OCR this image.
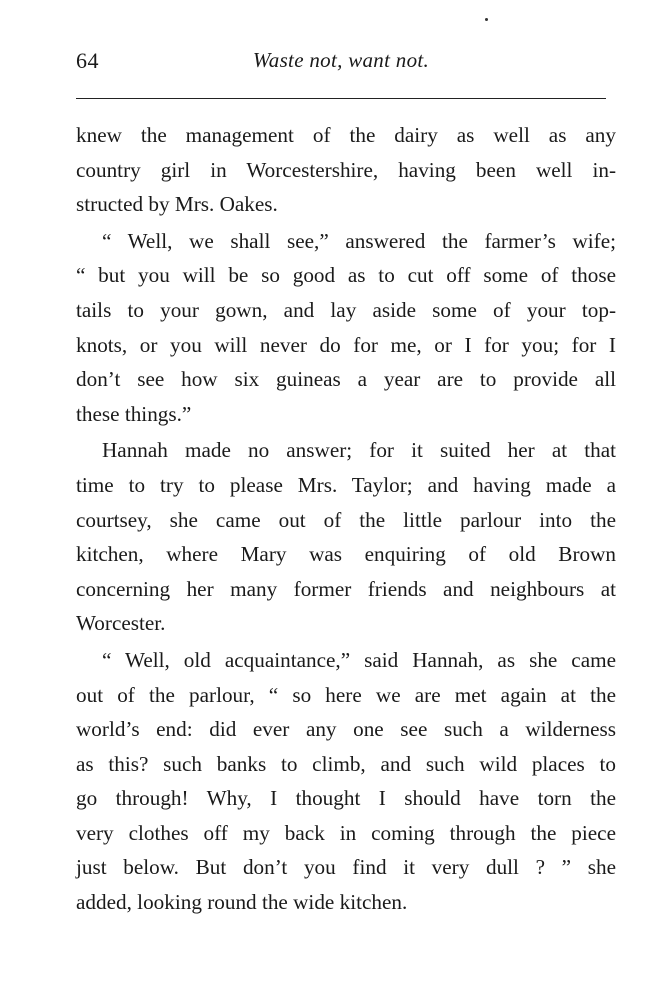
64	Waste not, want not.

knew the management of the dairy as well as any
country girl in Worcestershire, having been well in-
structed by Mrs. Oakes.

“ Well, we shall see,” answered the farmer’s wife;
“ but you will be so good as to cut off some of those
tails to your gown, and lay aside some of your top-
knots, or you will never do for me, or I for you; for I
don’t see how six guineas a year are to provide all
these things.”

Hannah made no answer; for it suited her at that
time to try to please Mrs. Taylor; and having made a
courtsey, she came out of the little parlour into the
kitchen, where Mary was enquiring of old Brown
concerning her many former friends and neighbours at
Worcester.

“ Well, old acquaintance,” said Hannah, as she came
out of the parlour, “ so here we are met again at the
world’s end: did ever any one see such a wilderness
as this? such banks to climb, and such wild places to
go through! Why, I thought I should have torn the
very clothes off my back in coming through the piece
just below. But don’t you find it very dull ? ” she
added, looking round the wide kitchen.
